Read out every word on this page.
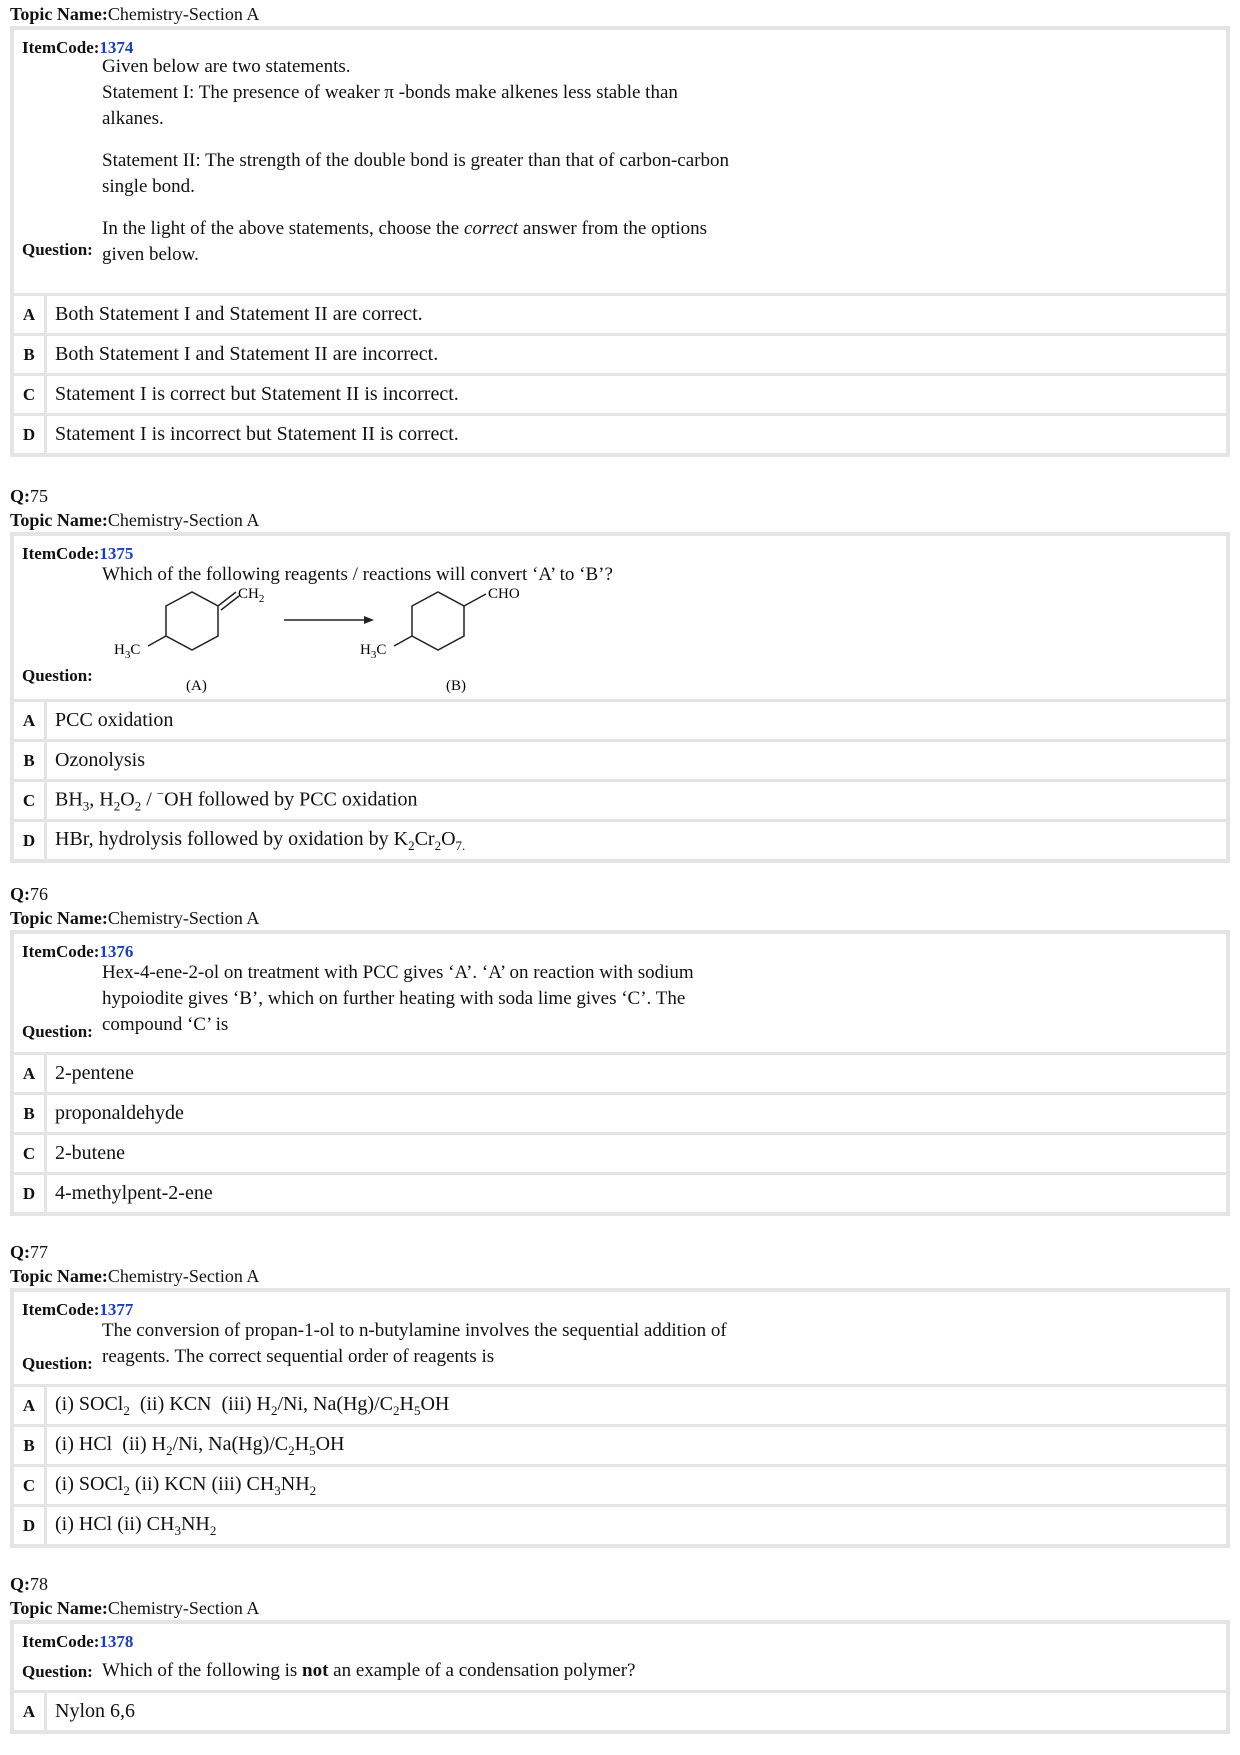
Topic Name:Chemistry-Section A
ItemCode:1374

Given below are two statements.

Statement I: The presence of weaker π -bonds make alkenes less stable than

alkanes.

Statement II: The strength of the double bond is greater than that of carbon-carbon

single bond.

In the light of the above statements, choose the correct answer from the options

given below.

Question:
A Both Statement I and Statement II are correct.
B	Both Statement I and Statement II are incorrect.
C Statement I is correct but Statement II is incorrect.
D Statement I is incorrect but Statement II is correct.
Q:75
Topic Name:Chemistry-Section A
ItemCode:1375

Which of the following reagents / reactions will convert ‘A’ to ‘B’?

$CH_2$
$H_3C$
(A)
CHO
$H_3C$
(B)
Question:
A PCC oxidation
B	Ozonolysis
C $BH_3$, $H_2O_2 / ^-OH$ followed by PCC oxidation
D HBr, hydrolysis followed by oxidation by $K_2Cr_2O_{7.}$
Q:76
Topic Name:Chemistry-Section A
ItemCode:1376

Hex-4-ene-2-ol on treatment with PCC gives ‘A’. ‘A’ on reaction with sodium

hypoiodite gives ‘B’, which on further heating with soda lime gives ‘C’. The

compound ‘C’ is

Question:
A 2-pentene
B	proponaldehyde
C 2-butene
D 4-methylpent-2-ene
Q:77
Topic Name:Chemistry-Section A
ItemCode:1377

The conversion of propan-1-ol to n-butylamine involves the sequential addition of

reagents. The correct sequential order of reagents is

Question:
A (i) SOCl$_2$  (ii) KCN  (iii) $H_2/Ni$, $Na(Hg)/C_2H_5OH$
B	(i) HCl  (ii) $H_2/Ni$, $Na(Hg)/C_2H_5OH$
C (i) SOCl$_2$ (ii) KCN (iii) $CH_3NH_2$
D (i) HCl (ii) $CH_3NH_2$
Q:78
Topic Name:Chemistry-Section A
ItemCode:1378
Question: Which of the following is not an example of a condensation polymer?

A Nylon 6,6
